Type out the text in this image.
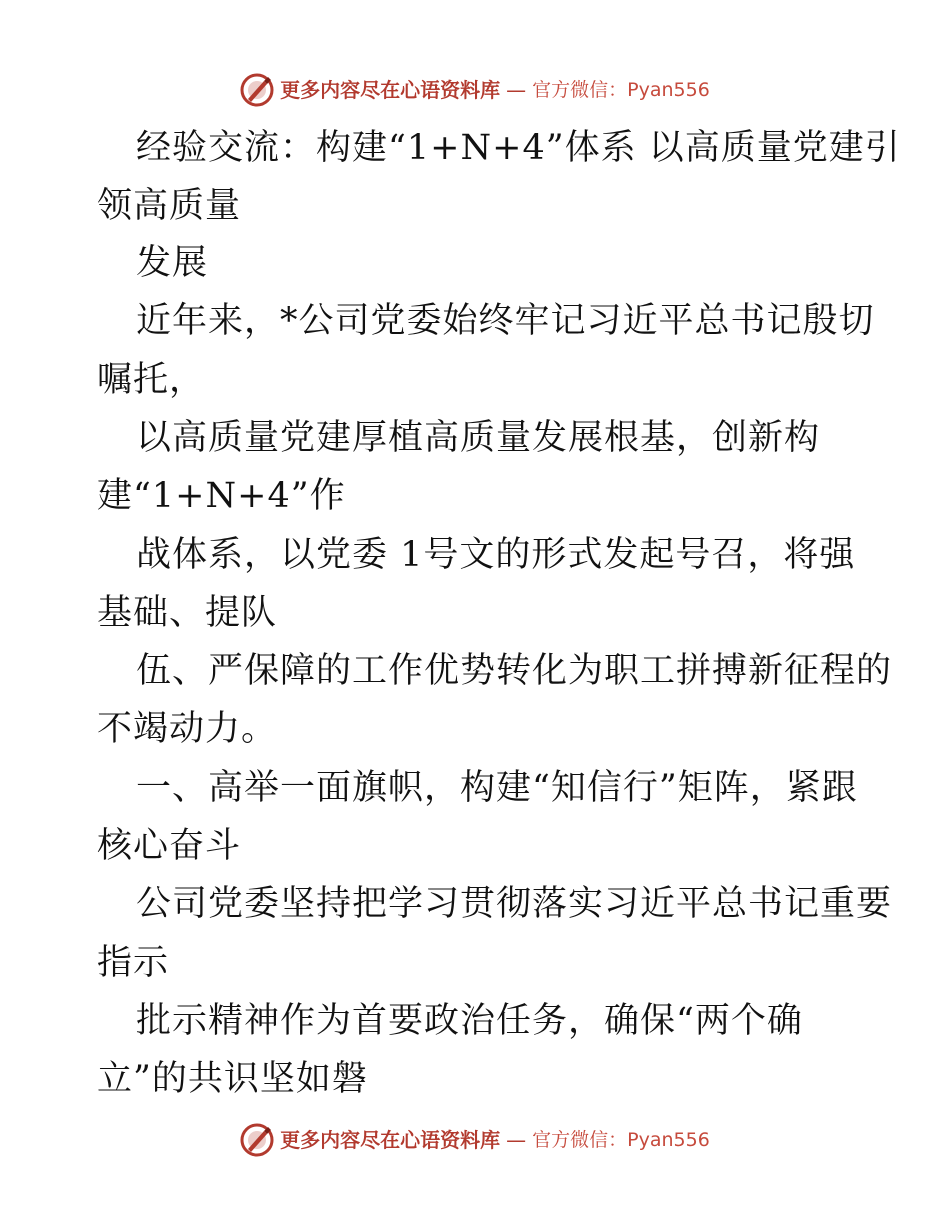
更多内容尽在心语资料库 — 官方微信：Pyan556
经验交流：构建“1+N+4”体系 以高质量党建引
领高质量
发展
近年来，*公司党委始终牢记习近平总书记殷切
嘱托，
以高质量党建厚植高质量发展根基，创新构
建“1+N+4”作
战体系，以党委 1号文的形式发起号召，将强
基础、提队
伍、严保障的工作优势转化为职工拼搏新征程的
不竭动力。
一、高举一面旗帜，构建“知信行”矩阵，紧跟
核心奋斗
公司党委坚持把学习贯彻落实习近平总书记重要
指示
批示精神作为首要政治任务，确保“两个确
立”的共识坚如磐
更多内容尽在心语资料库 — 官方微信：Pyan556
